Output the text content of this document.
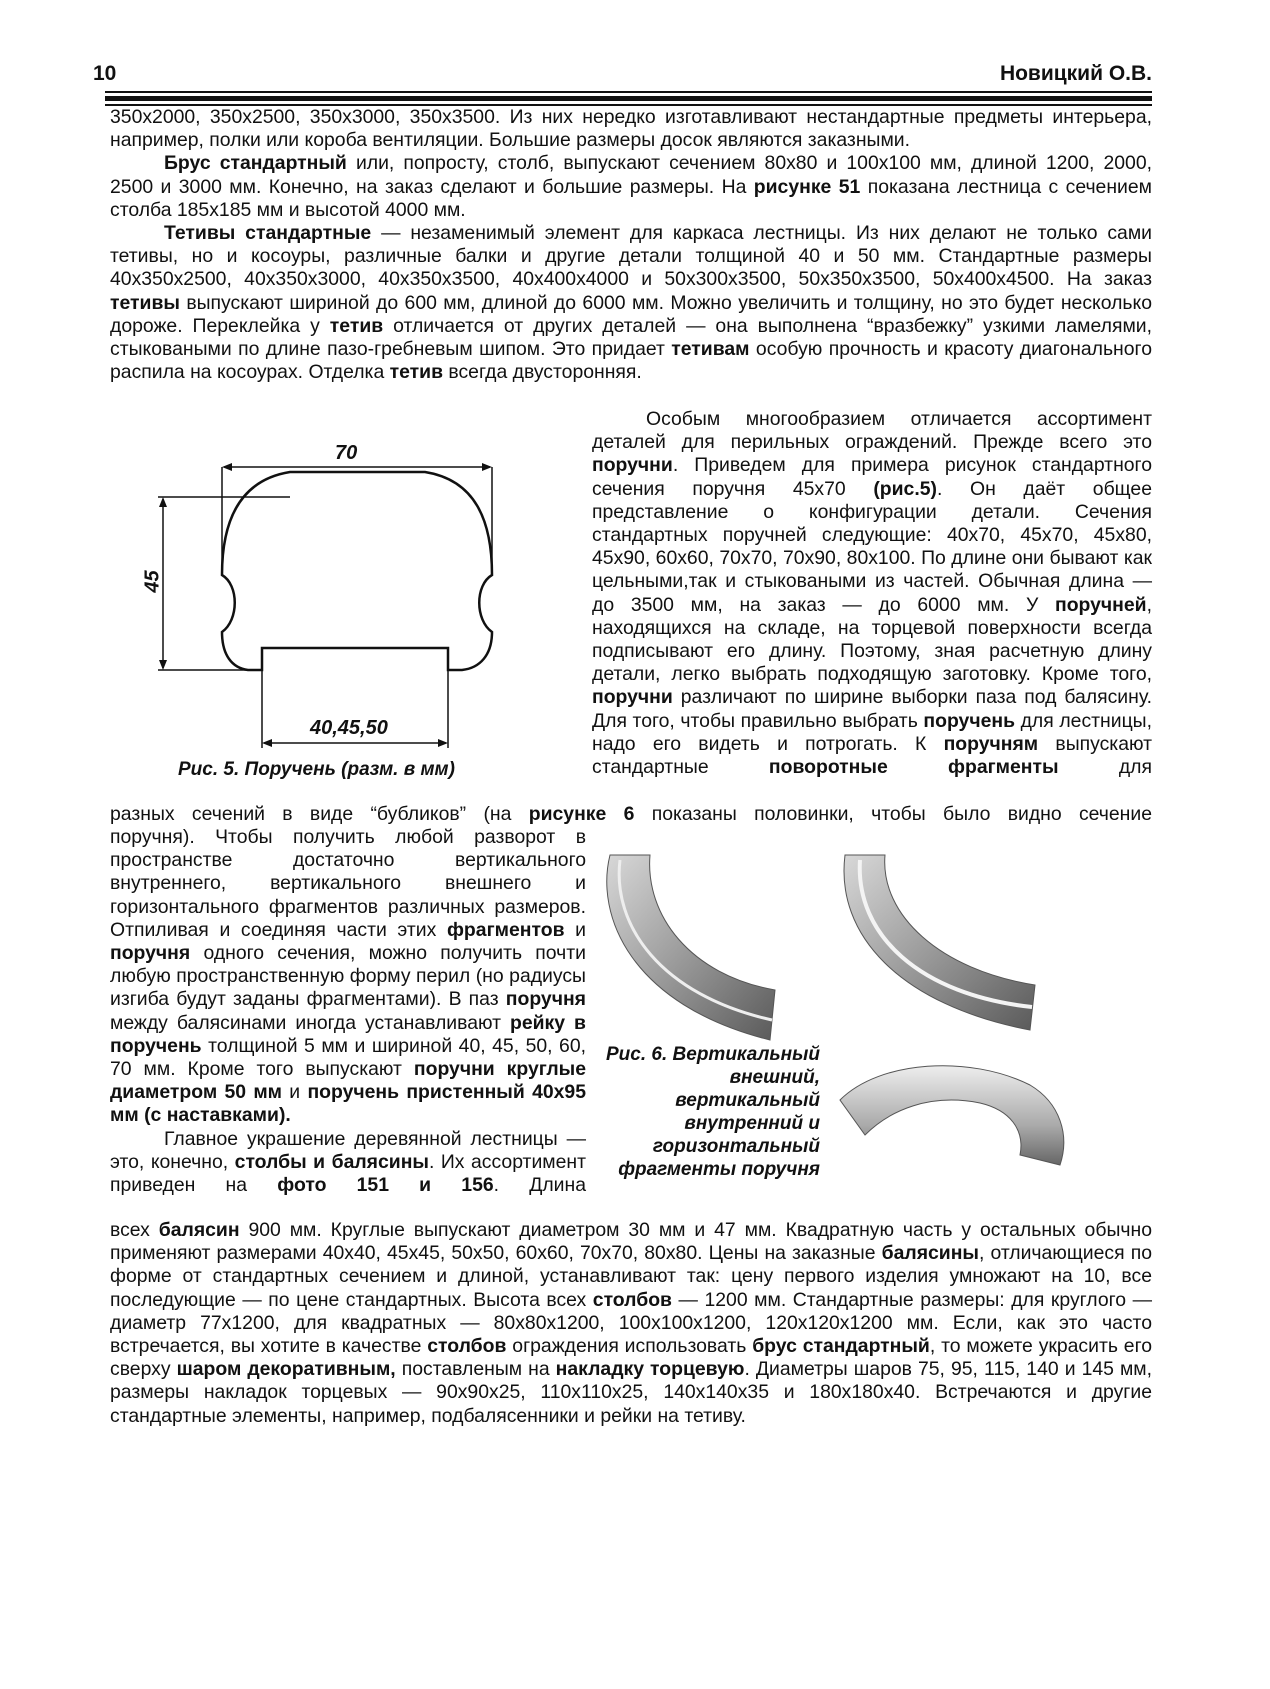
10	Новицкий О.В.

350x2000, 350x2500, 350x3000, 350x3500. Из них нередко изготавливают нестандартные предметы интерьера, например, полки или короба вентиляции. Большие размеры досок являются заказными.

Брус стандартный или, попросту, столб, выпускают сечением 80x80 и 100x100 мм, длиной 1200, 2000, 2500 и 3000 мм. Конечно, на заказ сделают и большие размеры. На рисунке 51 показана лестница с сечением столба 185x185 мм и высотой 4000 мм.

Тетивы стандартные — незаменимый элемент для каркаса лестницы. Из них делают не только сами тетивы, но и косоуры, различные балки и другие детали толщиной 40 и 50 мм. Стандартные размеры 40x350x2500, 40x350x3000, 40x350x3500, 40x400x4000 и 50x300x3500, 50x350x3500, 50x400x4500. На заказ тетивы выпускают шириной до 600 мм, длиной до 6000 мм. Можно увеличить и толщину, но это будет несколько дороже. Переклейка у тетив отличается от других деталей — она выполнена “вразбежку” узкими ламелями, стыковаными по длине пазо-гребневым шипом. Это придает тетивам особую прочность и красоту диагонального распила на косоурах. Отделка тетив всегда двусторонняя.

70
45
40,45,50
Рис. 5. Поручень (разм. в мм)

Особым многообразием отличается ассортимент деталей для перильных ограждений. Прежде всего это поручни. Приведем для примера рисунок стандартного сечения поручня 45x70 (рис.5). Он даёт общее представление о конфигурации детали. Сечения стандартных поручней следующие: 40x70, 45x70, 45x80, 45x90, 60x60, 70x70, 70x90, 80x100. По длине они бывают как цельными,так и стыковаными из частей. Обычная длина — до 3500 мм, на заказ — до 6000 мм. У поручней, находящихся на складе, на торцевой поверхности всегда подписывают его длину. Поэтому, зная расчетную длину детали, легко выбрать подходящую заготовку. Кроме того, поручни различают по ширине выборки паза под балясину. Для того, чтобы правильно выбрать поручень для лестницы, надо его видеть и потрогать. К поручням выпускают стандартные поворотные фрагменты для

разных сечений в виде “бубликов” (на рисунке 6 показаны половинки, чтобы было видно сечение

поручня). Чтобы получить любой разворот в пространстве достаточно вертикального внутреннего, вертикального внешнего и горизонтального фрагментов различных размеров. Отпиливая и соединяя части этих фрагментов и поручня одного сечения, можно получить почти любую пространственную форму перил (но радиусы изгиба будут заданы фрагментами). В паз поручня между балясинами иногда устанавливают рейку в поручень толщиной 5 мм и шириной 40, 45, 50, 60, 70 мм. Кроме того выпускают поручни круглые диаметром 50 мм и поручень пристенный 40x95 мм (с наставками).

Главное украшение деревянной лестницы — это, конечно, столбы и балясины. Их ассортимент приведен на фото 151 и 156. Длина

Рис. 6. Вертикальный внешний, вертикальный внутренний и горизонтальный фрагменты поручня

всех балясин 900 мм. Круглые выпускают диаметром 30 мм и 47 мм. Квадратную часть у остальных обычно применяют размерами 40x40, 45x45, 50x50, 60x60, 70x70, 80x80. Цены на заказные балясины, отличающиеся по форме от стандартных сечением и длиной, устанавливают так: цену первого изделия умножают на 10, все последующие — по цене стандартных. Высота всех столбов — 1200 мм. Стандартные размеры: для круглого — диаметр 77x1200, для квадратных — 80x80x1200, 100x100x1200, 120x120x1200 мм. Если, как это часто встречается, вы хотите в качестве столбов ограждения использовать брус стандартный, то можете украсить его сверху шаром декоративным, поставленым на накладку торцевую. Диаметры шаров 75, 95, 115, 140 и 145 мм, размеры накладок торцевых — 90x90x25, 110x110x25, 140x140x35 и 180x180x40. Встречаются и другие стандартные элементы, например, подбалясенники и рейки на тетиву.
